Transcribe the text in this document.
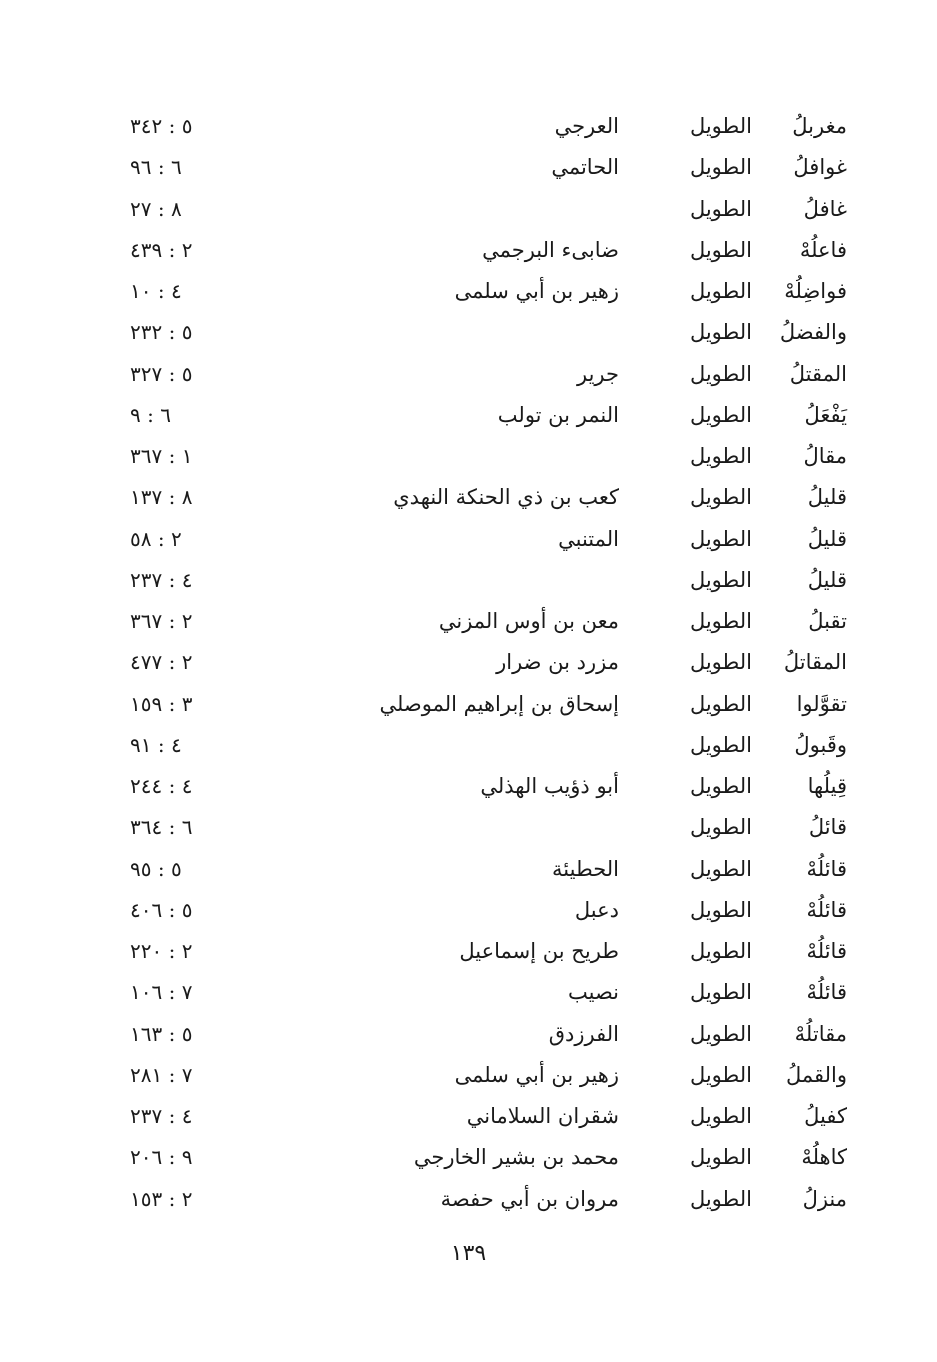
مغربلُ
الطويل
العرجي
٥ : ٣٤٢
غوافلُ
الطويل
الحاتمي
٦ : ٩٦
غافلُ
الطويل
٨ : ٢٧
فاعلُهْ
الطويل
ضابىء البرجمي
٢ : ٤٣٩
فواضِلُهْ
الطويل
زهير بن أبي سلمى
٤ : ١٠
والفضلُ
الطويل
٥ : ٢٣٢
المقتلُ
الطويل
جرير
٥ : ٣٢٧
يَفْعَلُ
الطويل
النمر بن تولب
٦ : ٩
مقالُ
الطويل
١ : ٣٦٧
قليلُ
الطويل
كعب بن ذي الحنكة النهدي
٨ : ١٣٧
قليلُ
الطويل
المتنبي
٢ : ٥٨
قليلُ
الطويل
٤ : ٢٣٧
تقبلُ
الطويل
معن بن أوس المزني
٢ : ٣٦٧
المقاتلُ
الطويل
مزرد بن ضرار
٢ : ٤٧٧
تقوَّلوا
الطويل
إسحاق بن إبراهيم الموصلي
٣ : ١٥٩
وقَبولُ
الطويل
٤ : ٩١
قِيلُها
الطويل
أبو ذؤيب الهذلي
٤ : ٢٤٤
قائلُ
الطويل
٦ : ٣٦٤
قائلُهْ
الطويل
الحطيئة
٥ : ٩٥
قائلُهْ
الطويل
دعبل
٥ : ٤٠٦
قائلُهْ
الطويل
طريح بن إسماعيل
٢ : ٢٢٠
قائلُهْ
الطويل
نصيب
٧ : ١٠٦
مقاتلُهْ
الطويل
الفرزدق
٥ : ١٦٣
والقملُ
الطويل
زهير بن أبي سلمى
٧ : ٢٨١
كفيلُ
الطويل
شقران السلاماني
٤ : ٢٣٧
كاهلُهْ
الطويل
محمد بن بشير الخارجي
٩ : ٢٠٦
منزلُ
الطويل
مروان بن أبي حفصة
٢ : ١٥٣
١٣٩
